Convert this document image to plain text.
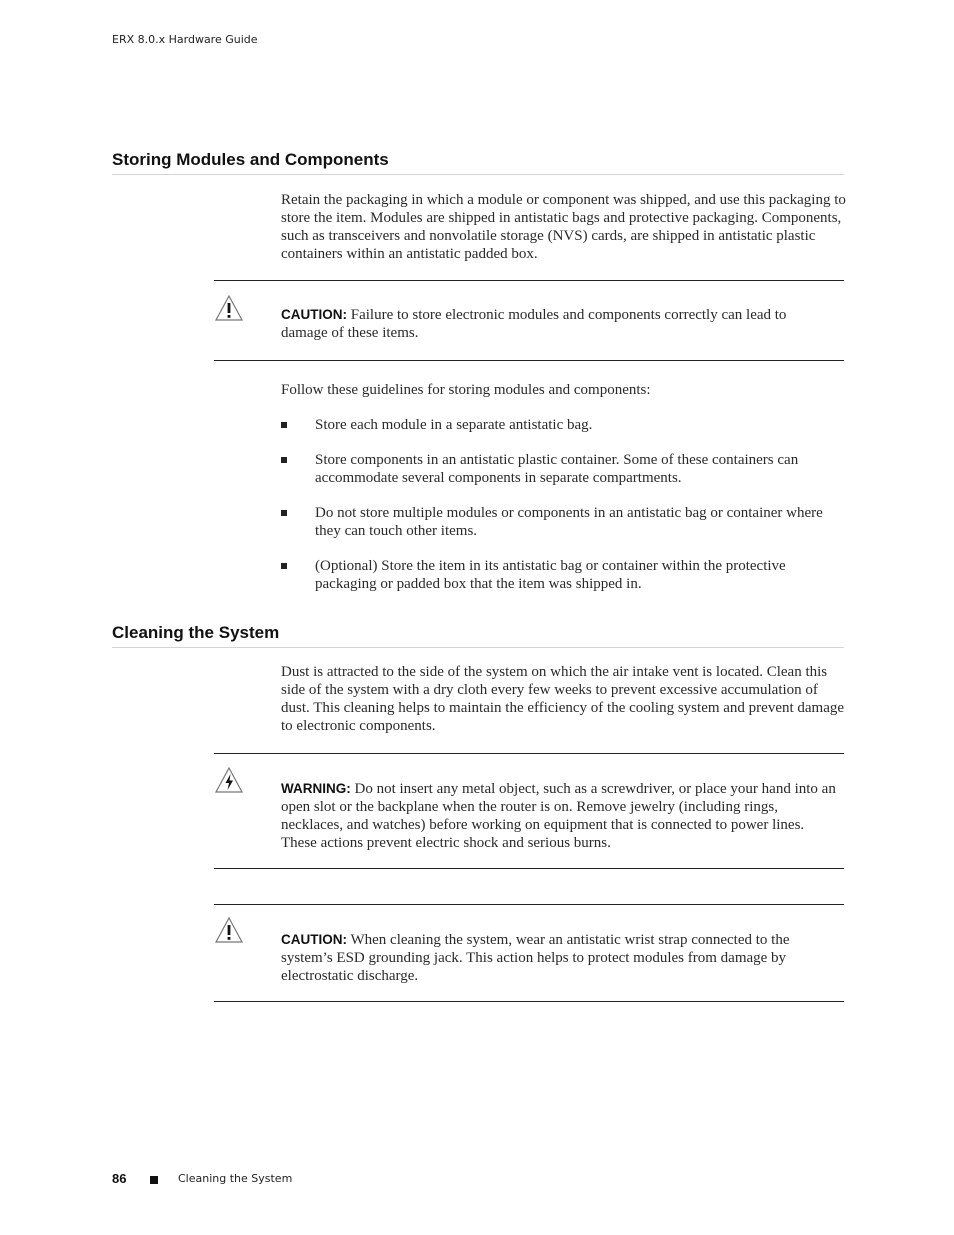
ERX 8.0.x Hardware Guide
Storing Modules and Components

Retain the packaging in which a module or component was shipped, and use this packaging to store the item. Modules are shipped in antistatic bags and protective packaging. Components, such as transceivers and nonvolatile storage (NVS) cards, are shipped in antistatic plastic containers within an antistatic padded box.

CAUTION: Failure to store electronic modules and components correctly can lead to damage of these items.

Follow these guidelines for storing modules and components:

Store each module in a separate antistatic bag.

Store components in an antistatic plastic container. Some of these containers can accommodate several components in separate compartments.

Do not store multiple modules or components in an antistatic bag or container where they can touch other items.

(Optional) Store the item in its antistatic bag or container within the protective packaging or padded box that the item was shipped in.

Cleaning the System

Dust is attracted to the side of the system on which the air intake vent is located. Clean this side of the system with a dry cloth every few weeks to prevent excessive accumulation of dust. This cleaning helps to maintain the efficiency of the cooling system and prevent damage to electronic components.

WARNING: Do not insert any metal object, such as a screwdriver, or place your hand into an open slot or the backplane when the router is on. Remove jewelry (including rings, necklaces, and watches) before working on equipment that is connected to power lines. These actions prevent electric shock and serious burns.

CAUTION: When cleaning the system, wear an antistatic wrist strap connected to the system’s ESD grounding jack. This action helps to protect modules from damage by electrostatic discharge.

86	Cleaning the System
